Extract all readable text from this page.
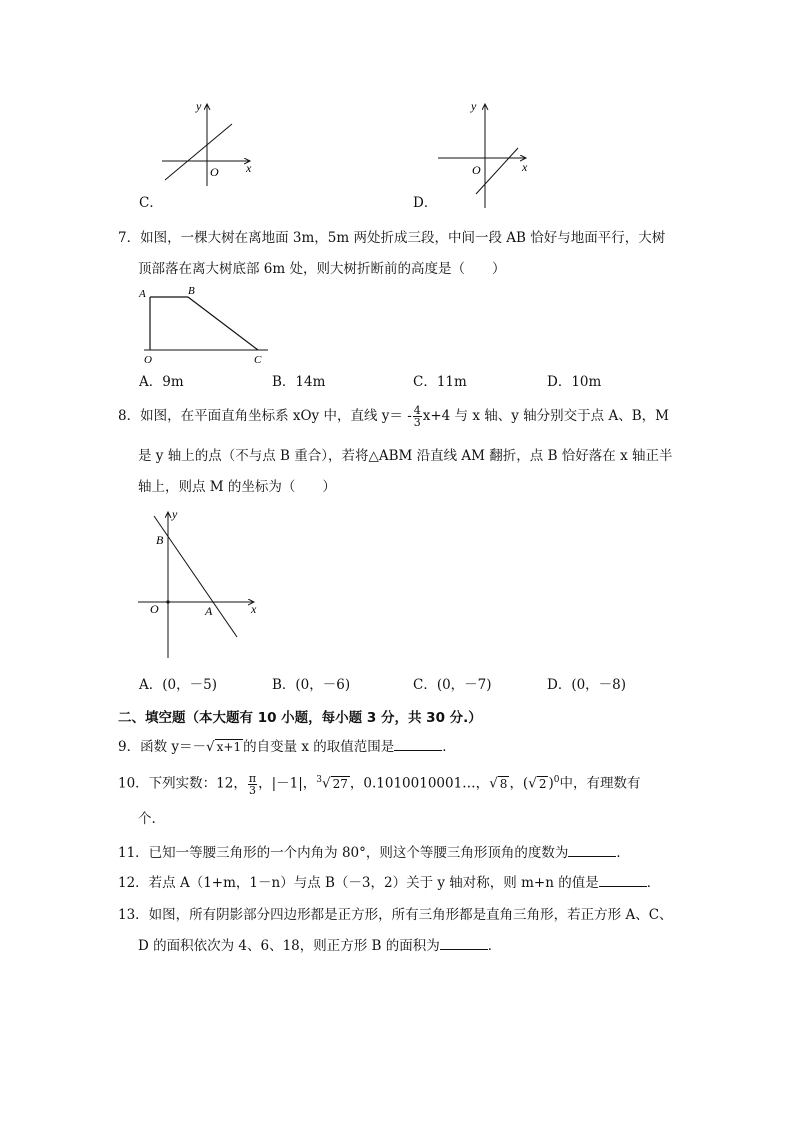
y
x
O
C．
y
x
O
D．
7．如图，一棵大树在离地面 3m，5m 两处折成三段，中间一段 AB 恰好与地面平行，大树
顶部落在离大树底部 6m 处，则大树折断前的高度是（　　）
A	B
O	C
A．9m	B．14m	C．11m	D．10m
8．如图，在平面直角坐标系 xOy 中，直线 $y= - \frac{4}{3} x+4$ 与 x 轴、y 轴分别交于点 A、B，M
是 y 轴上的点（不与点 B 重合），若将△ABM 沿直线 AM 翻折，点 B 恰好落在 x 轴正半
轴上，则点 M 的坐标为（　　）
y
B
O	A	x
A．(0，－5)	B．(0，－6)	C．(0，－7)	D．(0，－8)
二、填空题（本大题有 10 小题，每小题 3 分，共 30 分.）
9．函数 y＝－√ x+1 的自变量 x 的取值范围是	．
10．下列实数：12， $\frac{\pi}{3}$ ，|－1|，$^3$√ 27 ，0.1010010001…，√ 8 ，(√ 2 )$^0$中，有理数有
个.
11．已知一等腰三角形的一个内角为 80°，则这个等腰三角形顶角的度数为	．
12．若点 A（1+m，1－n）与点 B（－3，2）关于 y 轴对称，则 m+n 的值是	．
13．如图，所有阴影部分四边形都是正方形，所有三角形都是直角三角形，若正方形 A、C、
D 的面积依次为 4、6、18，则正方形 B 的面积为	．
